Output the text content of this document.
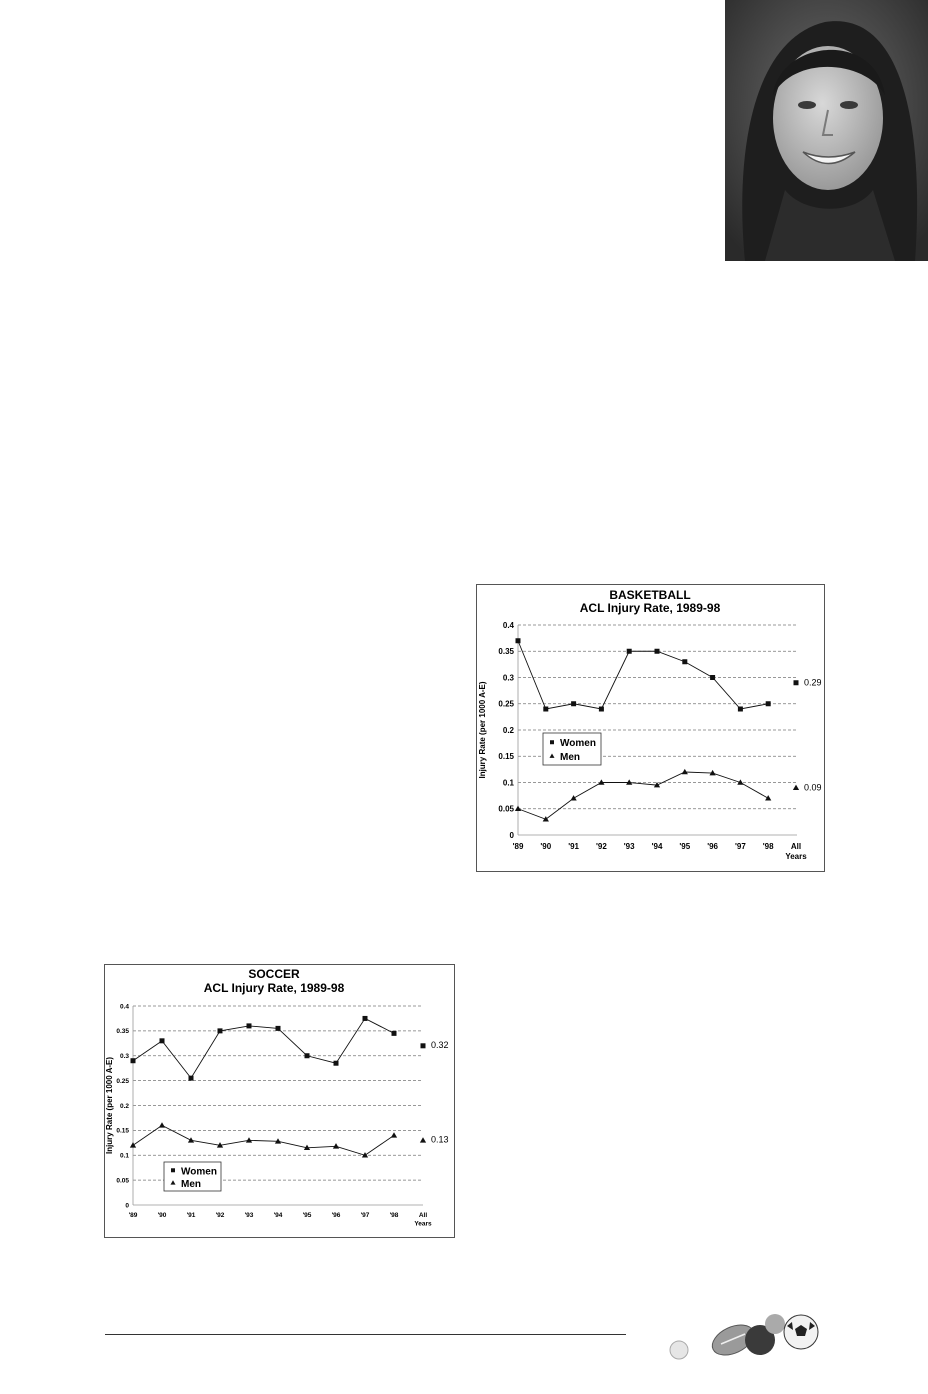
BASKETBALL
ACL Injury Rate, 1989-98
0
0.05
0.1
0.15
0.2
0.25
0.3
0.35
0.4
Injury Rate (per 1000 A-E)
'89 '90 '91 '92 '93 '94 '95 '96 '97 '98 All
Years
0.29
0.09
Women
Men
SOCCER
ACL Injury Rate, 1989-98
0
0.05
0.1
0.15
0.2
0.25
0.3
0.35
0.4
Injury Rate (per 1000 A-E)
'89	'90	'91	'92	'93	'94	'95	'96	'97	'98	All
Years
0.32
0.13
Women
Men
